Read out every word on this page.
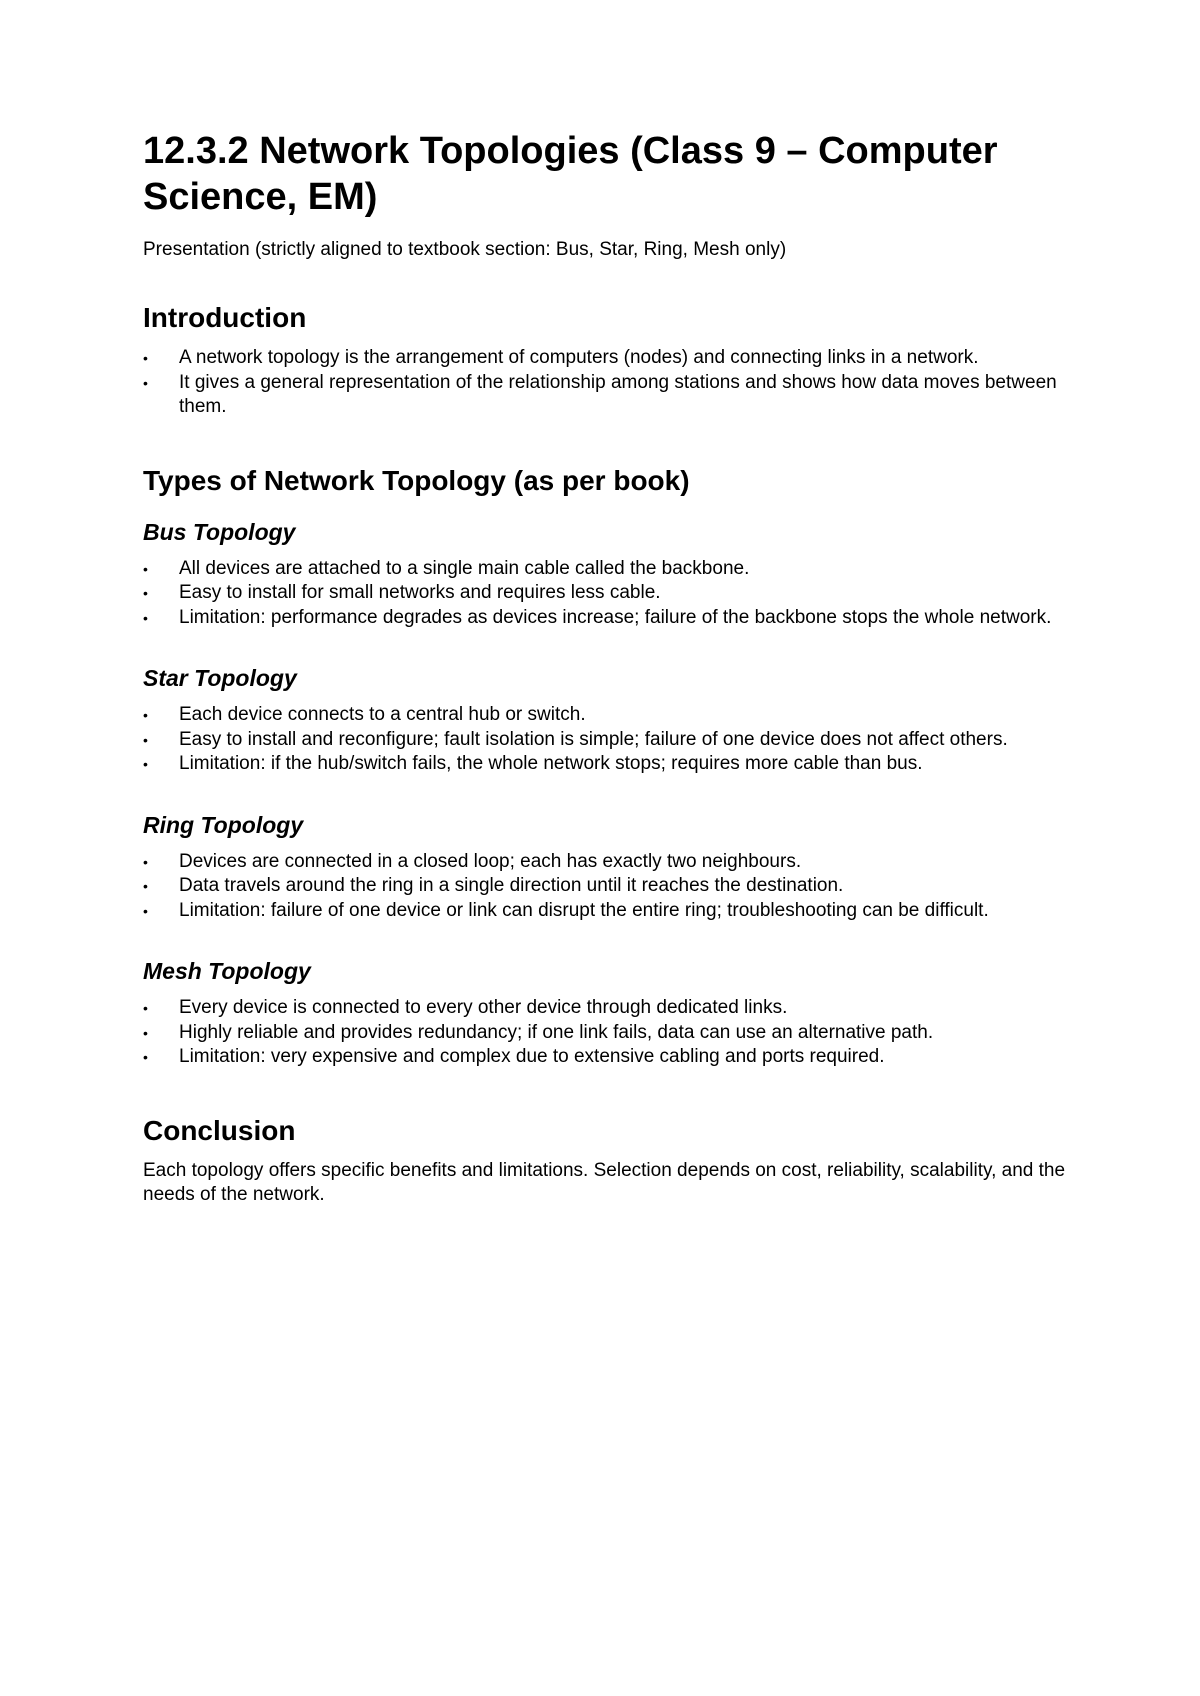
12.3.2 Network Topologies (Class 9 – Computer Science, EM)

Presentation (strictly aligned to textbook section: Bus, Star, Ring, Mesh only)

Introduction
•	A network topology is the arrangement of computers (nodes) and connecting links in a network.
•	It gives a general representation of the relationship among stations and shows how data moves between them.
Types of Network Topology (as per book)
Bus Topology
•	All devices are attached to a single main cable called the backbone.
•	Easy to install for small networks and requires less cable.
•	Limitation: performance degrades as devices increase; failure of the backbone stops the whole network.
Star Topology
•	Each device connects to a central hub or switch.
•	Easy to install and reconfigure; fault isolation is simple; failure of one device does not affect others.
•	Limitation: if the hub/switch fails, the whole network stops; requires more cable than bus.
Ring Topology
•	Devices are connected in a closed loop; each has exactly two neighbours.
•	Data travels around the ring in a single direction until it reaches the destination.
•	Limitation: failure of one device or link can disrupt the entire ring; troubleshooting can be difficult.
Mesh Topology
•	Every device is connected to every other device through dedicated links.
•	Highly reliable and provides redundancy; if one link fails, data can use an alternative path.
•	Limitation: very expensive and complex due to extensive cabling and ports required.
Conclusion

Each topology offers specific benefits and limitations. Selection depends on cost, reliability, scalability, and the needs of the network.
